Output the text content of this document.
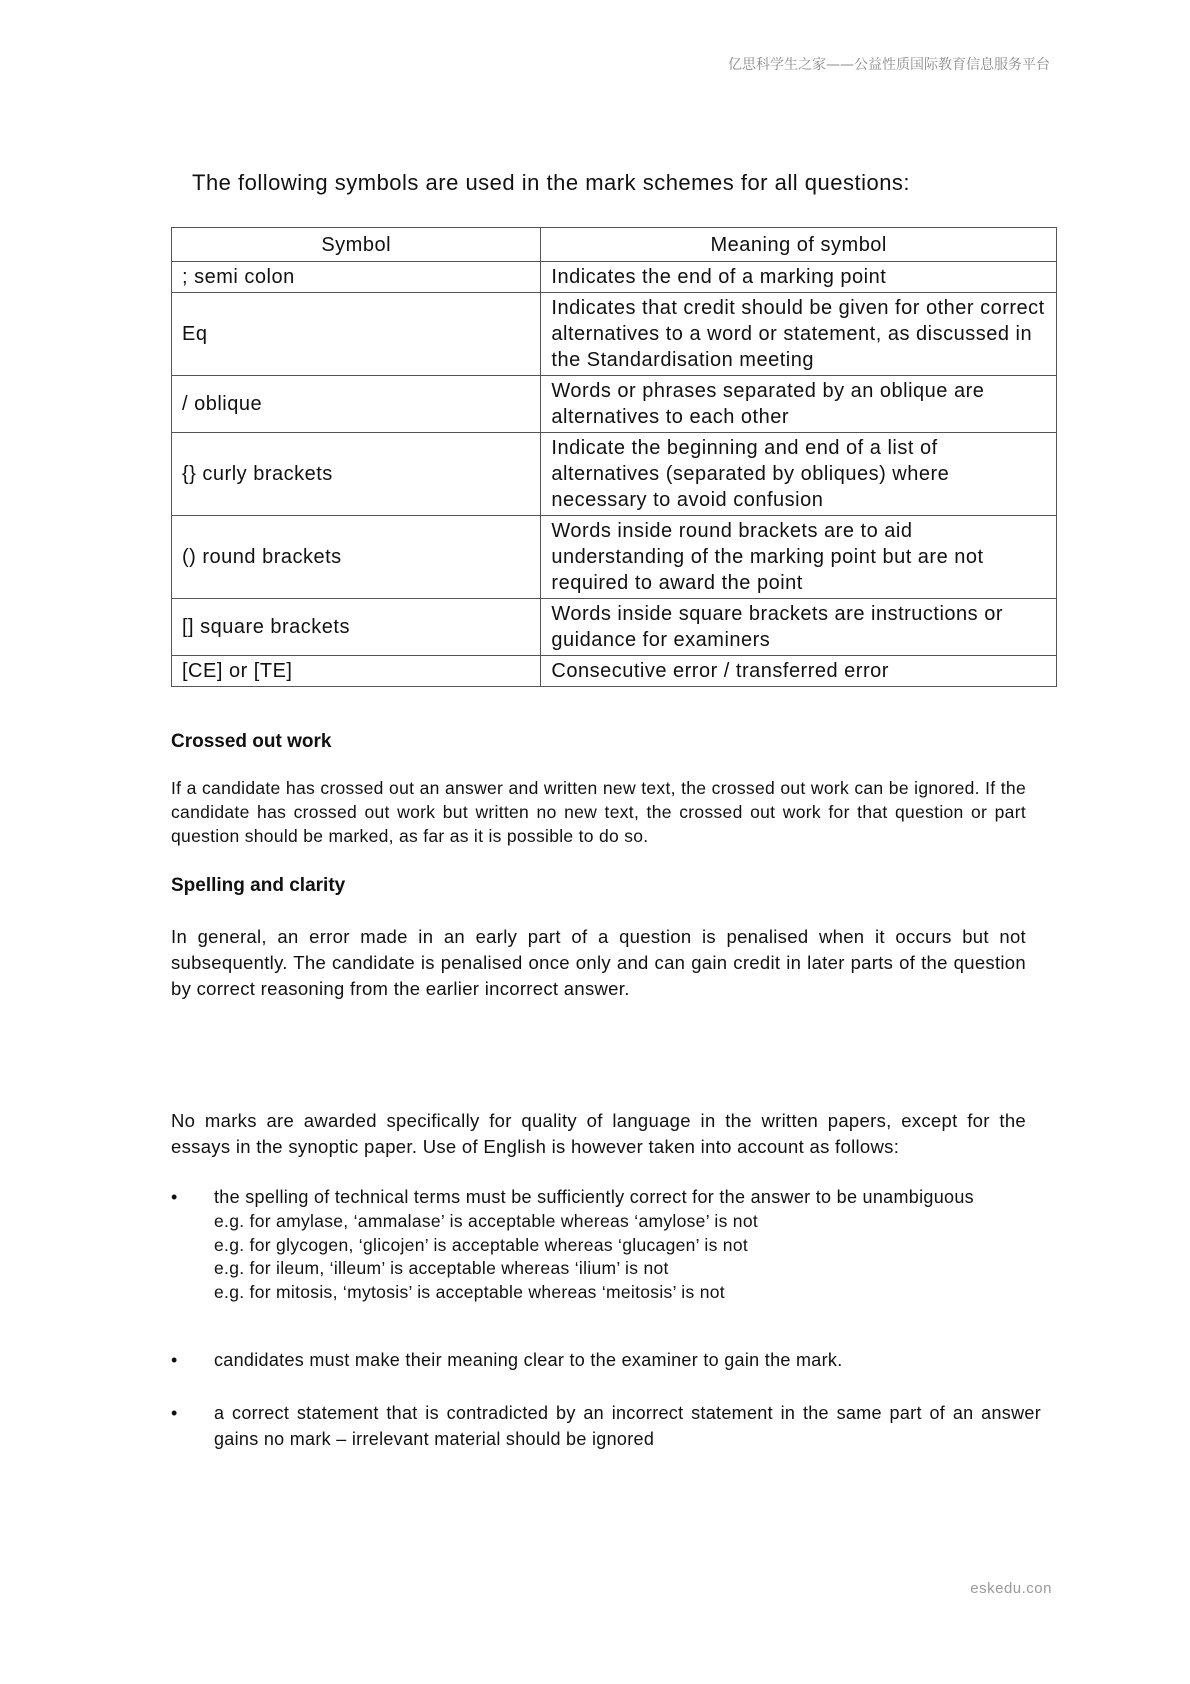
亿思科学生之家——公益性质国际教育信息服务平台
The following symbols are used in the mark schemes for all questions:
Symbol	Meaning of symbol
; semi colon	Indicates the end of a marking point
Eq	Indicates that credit should be given for other correct alternatives to a word or statement, as discussed in the Standardisation meeting
/ oblique	Words or phrases separated by an oblique are alternatives to each other
{} curly brackets	Indicate the beginning and end of a list of alternatives (separated by obliques) where necessary to avoid confusion
() round brackets	Words inside round brackets are to aid understanding of the marking point but are not required to award the point
[] square brackets	Words inside square brackets are instructions or guidance for examiners
[CE] or [TE]	Consecutive error / transferred error
Crossed out work
If a candidate has crossed out an answer and written new text, the crossed out work can be ignored. If the candidate has crossed out work but written no new text, the crossed out work for that question or part question should be marked, as far as it is possible to do so.
Spelling and clarity
In general, an error made in an early part of a question is penalised when it occurs but not subsequently. The candidate is penalised once only and can gain credit in later parts of the question by correct reasoning from the earlier incorrect answer.
No marks are awarded specifically for quality of language in the written papers, except for the essays in the synoptic paper. Use of English is however taken into account as follows:
•	the spelling of technical terms must be sufficiently correct for the answer to be unambiguous
e.g. for amylase, ‘ammalase’ is acceptable whereas ‘amylose’ is not
e.g. for glycogen, ‘glicojen’ is acceptable whereas ‘glucagen’ is not
e.g. for ileum, ‘illeum’ is acceptable whereas ‘ilium’ is not
e.g. for mitosis, ‘mytosis’ is acceptable whereas ‘meitosis’ is not
•	candidates must make their meaning clear to the examiner to gain the mark.
•	a correct statement that is contradicted by an incorrect statement in the same part of an answer gains no mark – irrelevant material should be ignored
eskedu.con
